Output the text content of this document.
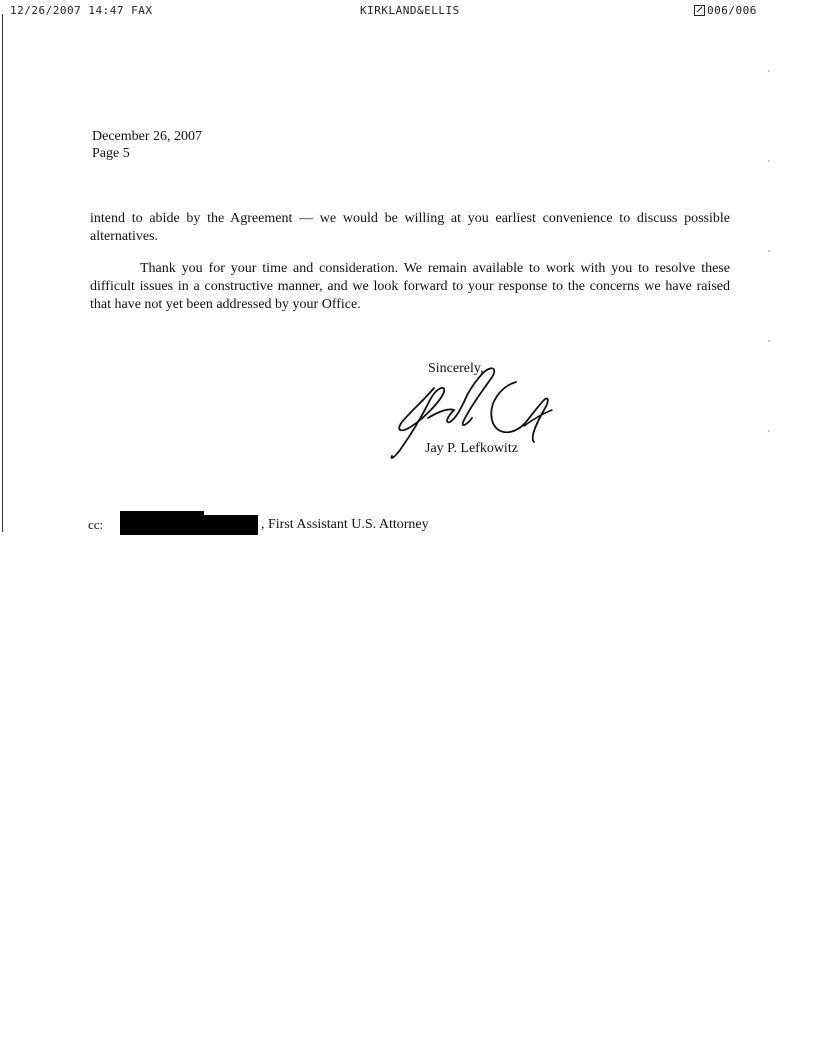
12/26/2007 14:47 FAX	KIRKLAND&ELLIS	006/006
December 26, 2007
Page 5
intend to abide by the Agreement — we would be willing at you earliest convenience to discuss possible alternatives.
Thank you for your time and consideration. We remain available to work with you to resolve these difficult issues in a constructive manner, and we look forward to your response to the concerns we have raised that have not yet been addressed by your Office.
Sincerely,
Jay P. Lefkowitz
cc:	, First Assistant U.S. Attorney
